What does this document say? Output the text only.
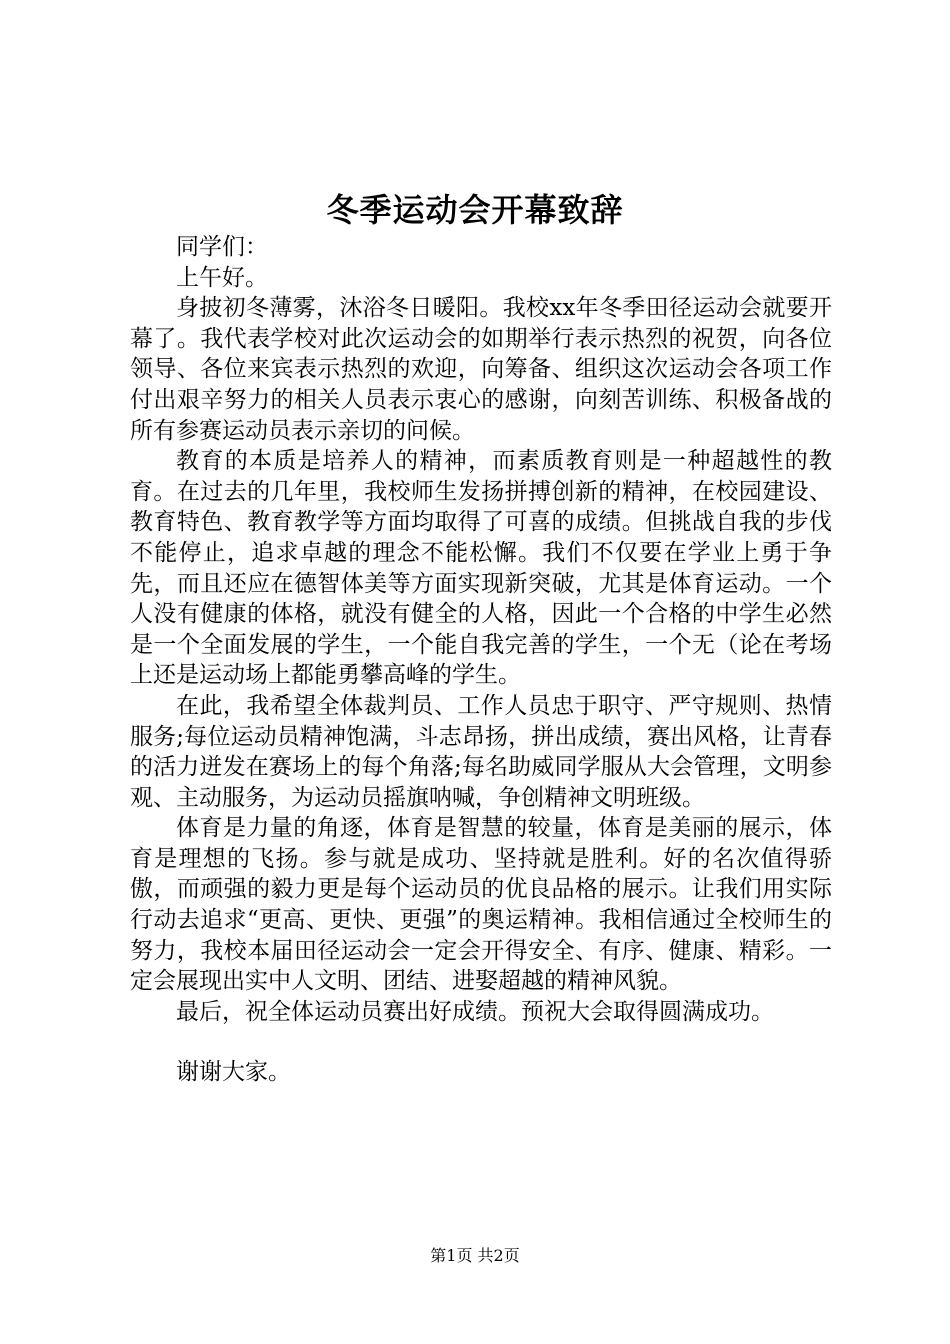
冬季运动会开幕致辞

同学们：

上午好。

身披初冬薄雾，沐浴冬日暖阳。我校xx年冬季田径运动会就要开幕了。我代表学校对此次运动会的如期举行表示热烈的祝贺，向各位领导、各位来宾表示热烈的欢迎，向筹备、组织这次运动会各项工作付出艰辛努力的相关人员表示衷心的感谢，向刻苦训练、积极备战的所有参赛运动员表示亲切的问候。

教育的本质是培养人的精神，而素质教育则是一种超越性的教育。在过去的几年里，我校师生发扬拼搏创新的精神，在校园建设、教育特色、教育教学等方面均取得了可喜的成绩。但挑战自我的步伐不能停止，追求卓越的理念不能松懈。我们不仅要在学业上勇于争先，而且还应在德智体美等方面实现新突破，尤其是体育运动。一个人没有健康的体格，就没有健全的人格，因此一个合格的中学生必然是一个全面发展的学生，一个能自我完善的学生，一个无（论在考场上还是运动场上都能勇攀高峰的学生。

在此，我希望全体裁判员、工作人员忠于职守、严守规则、热情服务;每位运动员精神饱满，斗志昂扬，拼出成绩，赛出风格，让青春的活力迸发在赛场上的每个角落;每名助威同学服从大会管理，文明参观、主动服务，为运动员摇旗呐喊，争创精神文明班级。

体育是力量的角逐，体育是智慧的较量，体育是美丽的展示，体育是理想的飞扬。参与就是成功、坚持就是胜利。好的名次值得骄傲，而顽强的毅力更是每个运动员的优良品格的展示。让我们用实际行动去追求“更高、更快、更强”的奥运精神。我相信通过全校师生的努力，我校本届田径运动会一定会开得安全、有序、健康、精彩。一定会展现出实中人文明、团结、进娶超越的精神风貌。

最后，祝全体运动员赛出好成绩。预祝大会取得圆满成功。

谢谢大家。

第1页 共2页
